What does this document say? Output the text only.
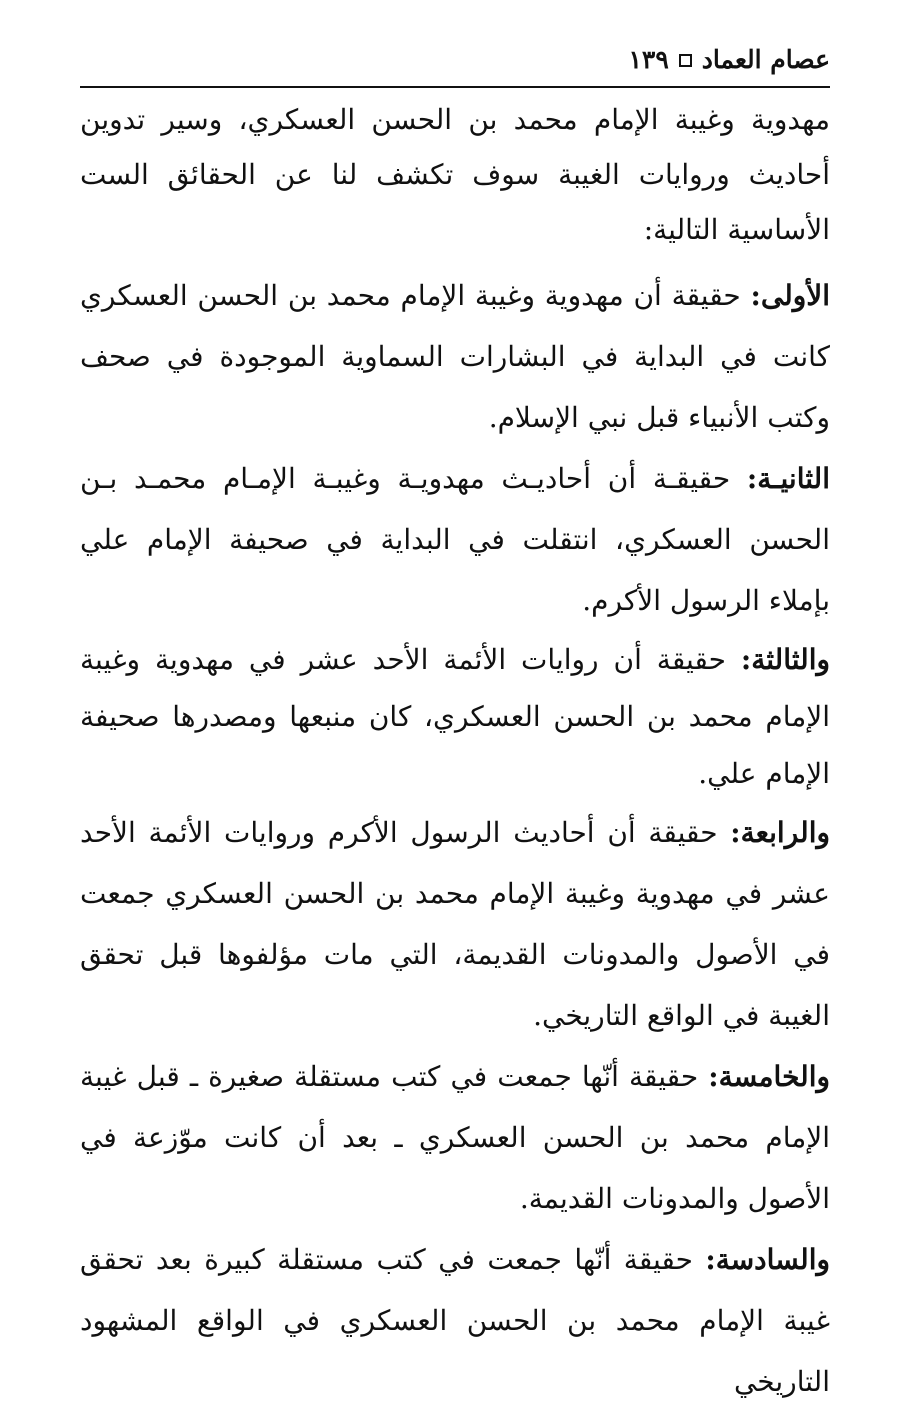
عصام العماد
١٣٩

مهدوية وغيبة الإمام محمد بن الحسن العسكري، وسير تدوين أحاديث وروايات الغيبة سوف تكشف لنا عن الحقائق الست الأساسية التالية:

الأولى: حقيقة أن مهدوية وغيبة الإمام محمد بن الحسن العسكري كانت في البداية في البشارات السماوية الموجودة في صحف وكتب الأنبياء قبل نبي الإسلام.

الثانيـة: حقيقـة أن أحاديـث مهدويـة وغيبـة الإمـام محمـد بـن الحسن العسكري، انتقلت في البداية في صحيفة الإمام علي بإملاء الرسول الأكرم.

والثالثة: حقيقة أن روايات الأئمة الأحد عشر في مهدوية وغيبة الإمام محمد بن الحسن العسكري، كان منبعها ومصدرها صحيفة الإمام علي.

والرابعة: حقيقة أن أحاديث الرسول الأكرم وروايات الأئمة الأحد عشر في مهدوية وغيبة الإمام محمد بن الحسن العسكري جمعت في الأصول والمدونات القديمة، التي مات مؤلفوها قبل تحقق الغيبة في الواقع التاريخي.

والخامسة: حقيقة أنّها جمعت في كتب مستقلة صغيرة ـ قبل غيبة الإمام محمد بن الحسن العسكري ـ بعد أن كانت موّزعة في الأصول والمدونات القديمة.

والسادسة: حقيقة أنّها جمعت في كتب مستقلة كبيرة بعد تحقق غيبة الإمام محمد بن الحسن العسكري في الواقع المشهود التاريخي
